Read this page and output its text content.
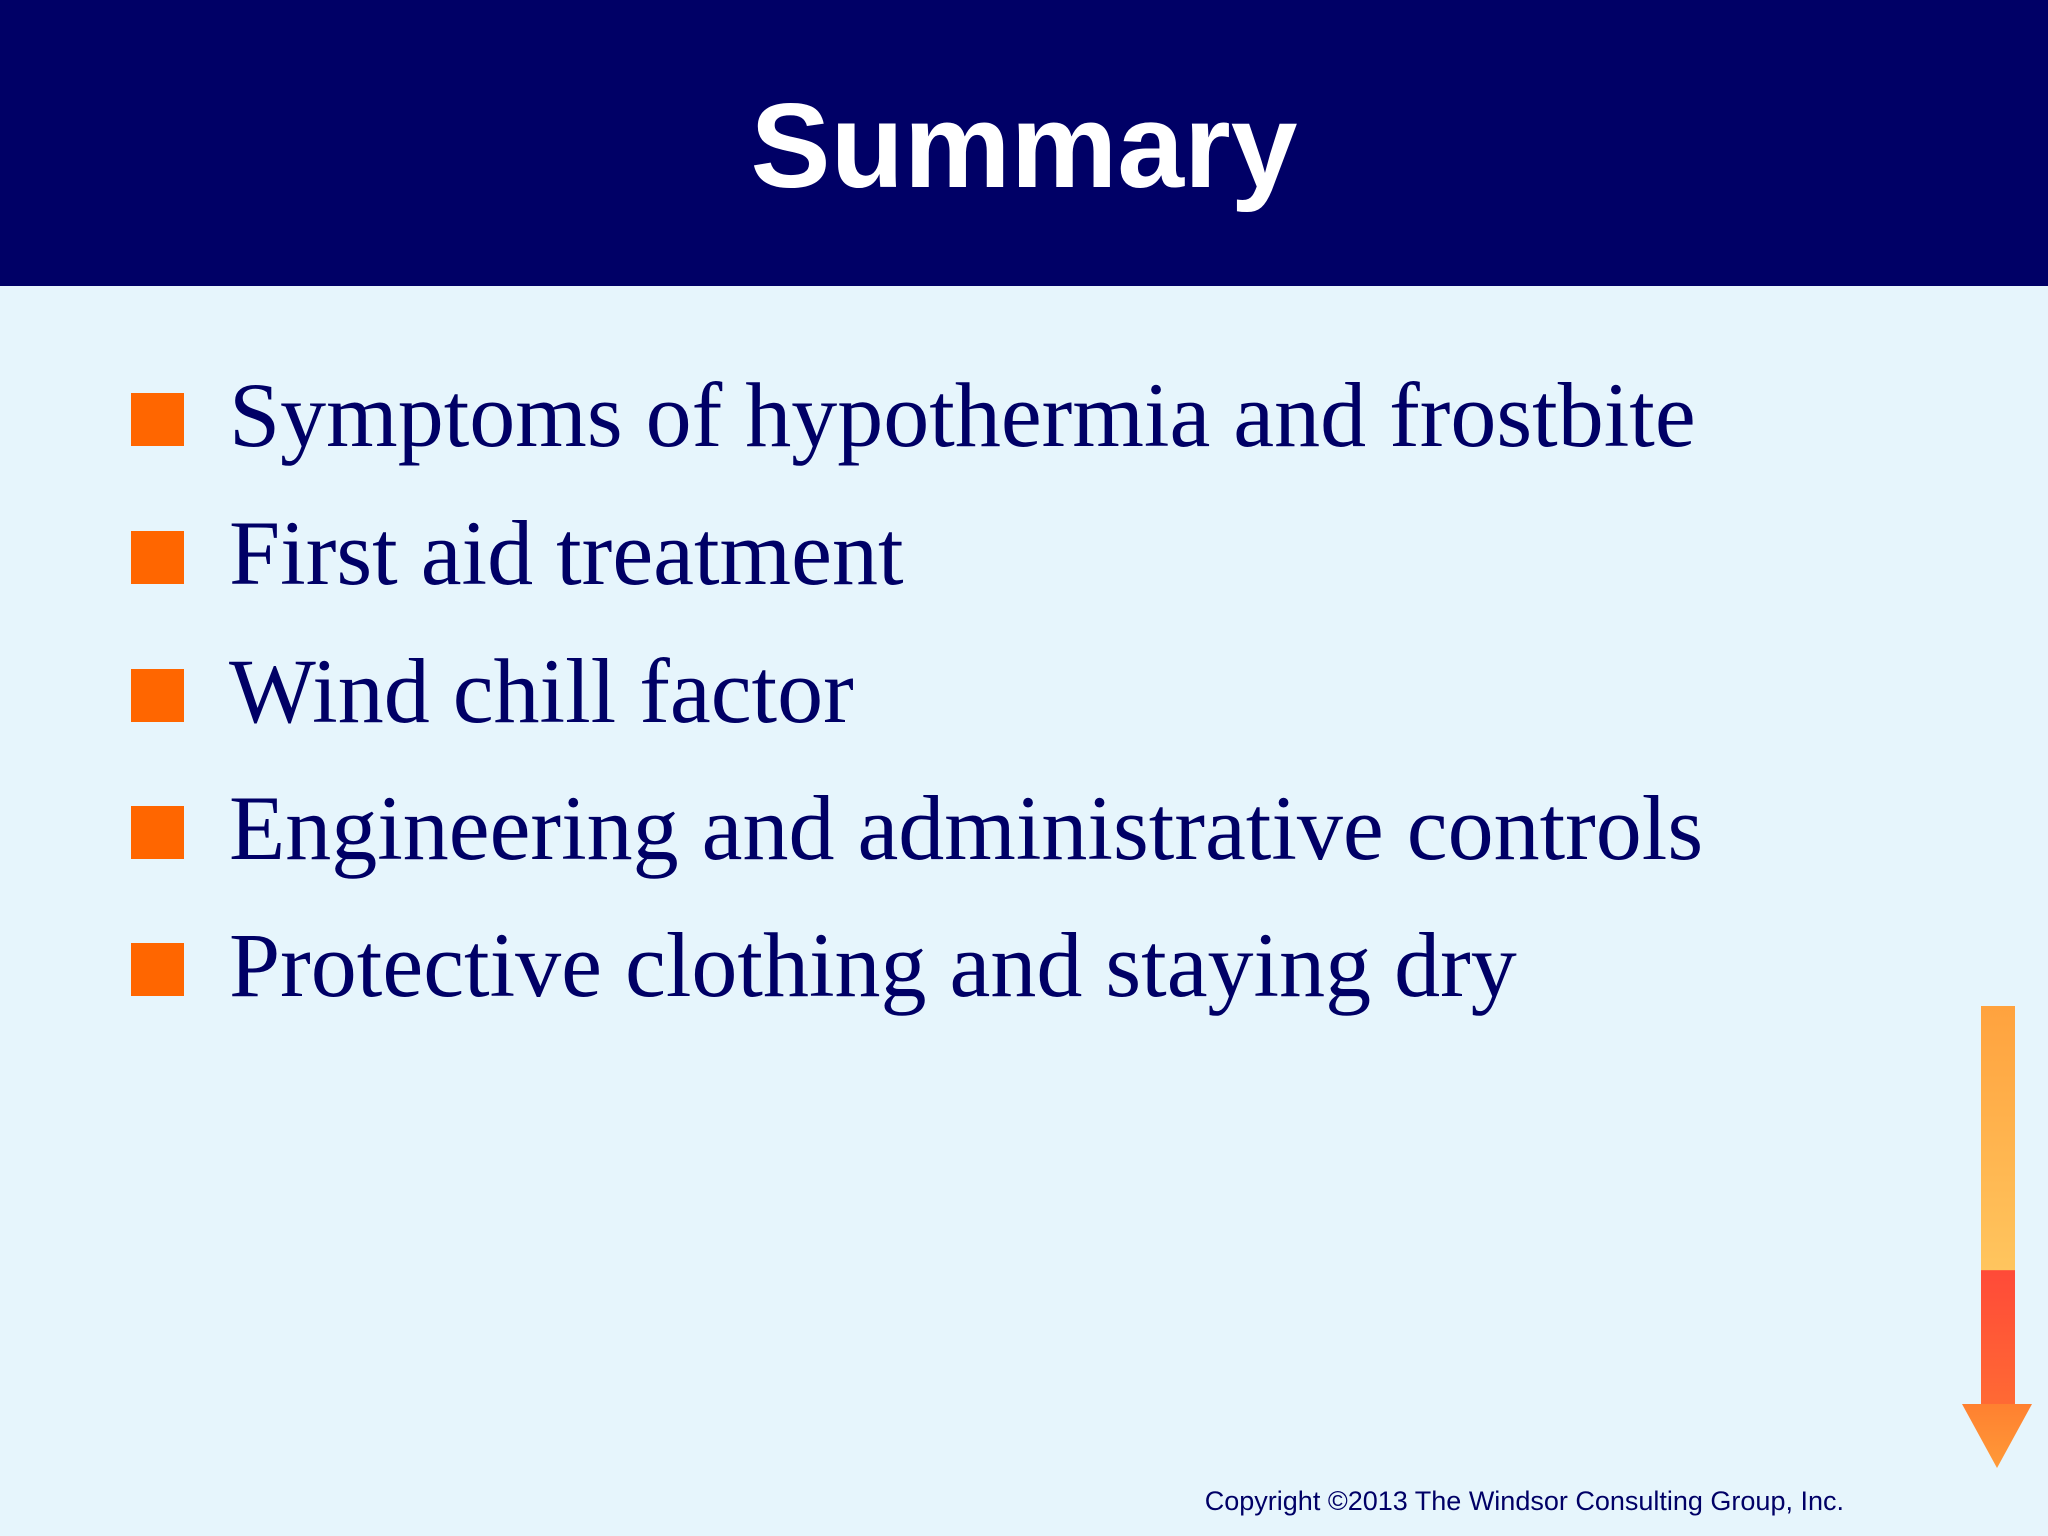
Summary
Symptoms of hypothermia and frostbite
First aid treatment
Wind chill factor
Engineering and administrative controls
Protective clothing and staying dry
Copyright ©2013 The Windsor Consulting Group, Inc.
